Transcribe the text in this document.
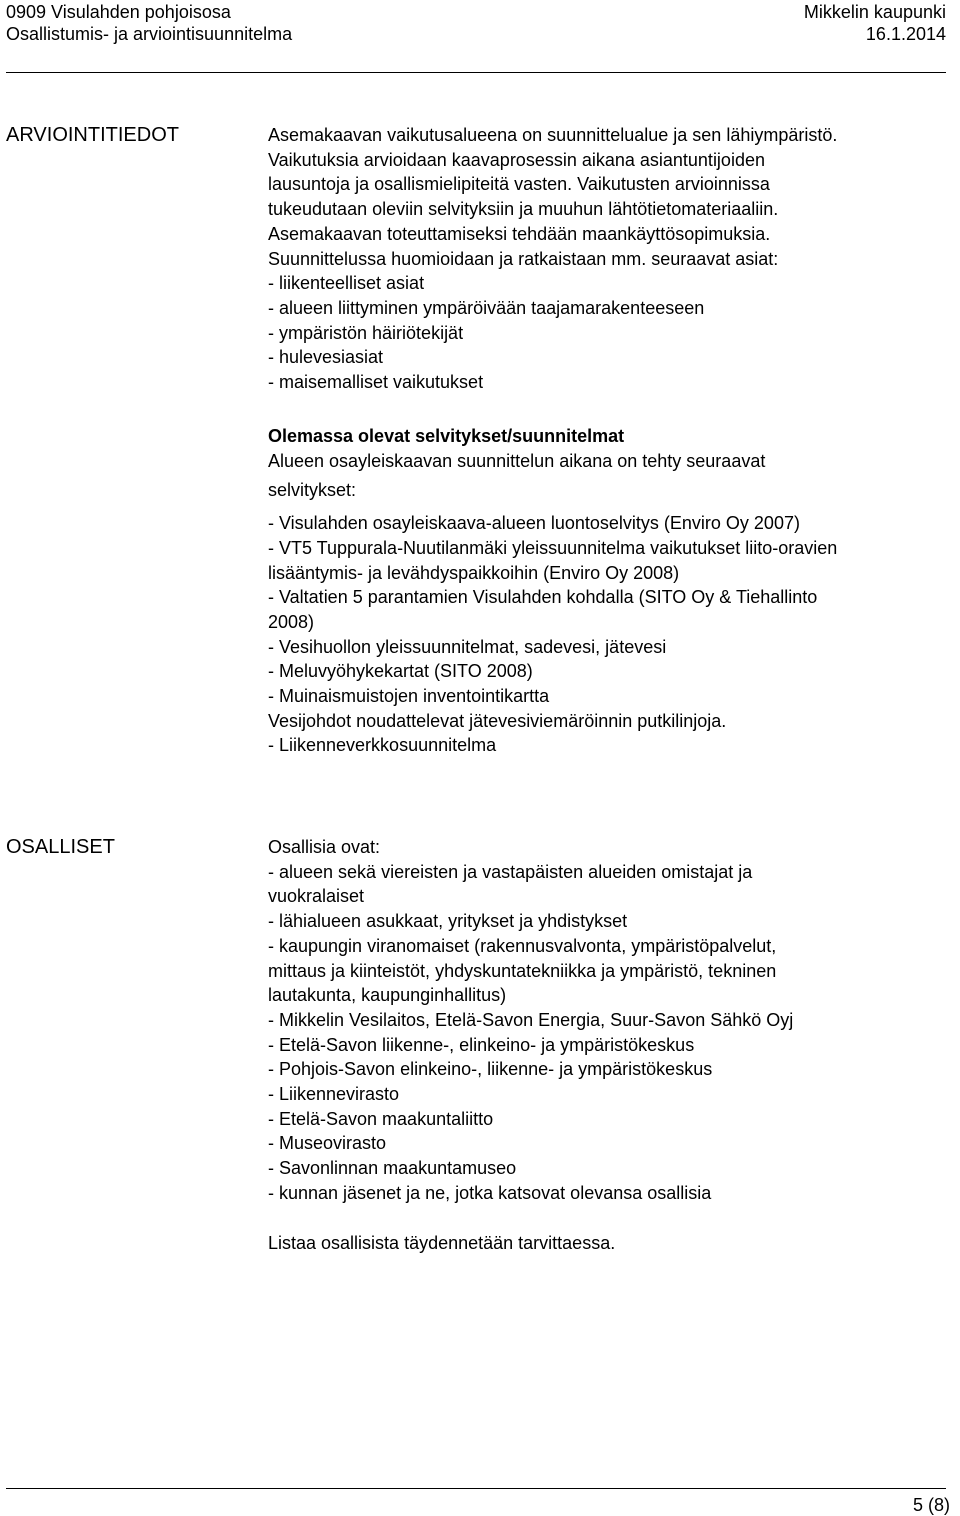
0909 Visulahden pohjoisosa	Mikkelin kaupunki
Osallistumis- ja arviointisuunnitelma	16.1.2014
ARVIOINTITIEDOT	Asemakaavan vaikutusalueena on suunnittelualue ja sen lähiympäristö.

Vaikutuksia arvioidaan kaavaprosessin aikana asiantuntijoiden

lausuntoja ja osallismielipiteitä vasten. Vaikutusten arvioinnissa

tukeudutaan oleviin selvityksiin ja muuhun lähtötietomateriaaliin.

Asemakaavan toteuttamiseksi tehdään maankäyttösopimuksia.

Suunnittelussa huomioidaan ja ratkaistaan mm. seuraavat asiat:

- liikenteelliset asiat

- alueen liittyminen ympäröivään taajamarakenteeseen

- ympäristön häiriötekijät

- hulevesiasiat

- maisemalliset vaikutukset

Olemassa olevat selvitykset/suunnitelmat

Alueen osayleiskaavan suunnittelun aikana on tehty seuraavat

selvitykset:

- Visulahden osayleiskaava-alueen luontoselvitys (Enviro Oy 2007)

- VT5 Tuppurala-Nuutilanmäki yleissuunnitelma vaikutukset liito-oravien

lisääntymis- ja levähdyspaikkoihin (Enviro Oy 2008)

- Valtatien 5 parantamien Visulahden kohdalla (SITO Oy & Tiehallinto

2008)

- Vesihuollon yleissuunnitelmat, sadevesi, jätevesi

- Meluvyöhykekartat (SITO 2008)

- Muinaismuistojen inventointikartta

Vesijohdot noudattelevat jätevesiviemäröinnin putkilinjoja.

- Liikenneverkkosuunnitelma

OSALLISET	Osallisia ovat:

- alueen sekä viereisten ja vastapäisten alueiden omistajat ja

vuokralaiset

- lähialueen asukkaat, yritykset ja yhdistykset

- kaupungin viranomaiset (rakennusvalvonta, ympäristöpalvelut,

mittaus ja kiinteistöt, yhdyskuntatekniikka ja ympäristö, tekninen

lautakunta, kaupunginhallitus)

- Mikkelin Vesilaitos, Etelä-Savon Energia, Suur-Savon Sähkö Oyj

- Etelä-Savon liikenne-, elinkeino- ja ympäristökeskus

- Pohjois-Savon elinkeino-, liikenne- ja ympäristökeskus

- Liikennevirasto

- Etelä-Savon maakuntaliitto

- Museovirasto

- Savonlinnan maakuntamuseo

- kunnan jäsenet ja ne, jotka katsovat olevansa osallisia

Listaa osallisista täydennetään tarvittaessa.

5 (8)
